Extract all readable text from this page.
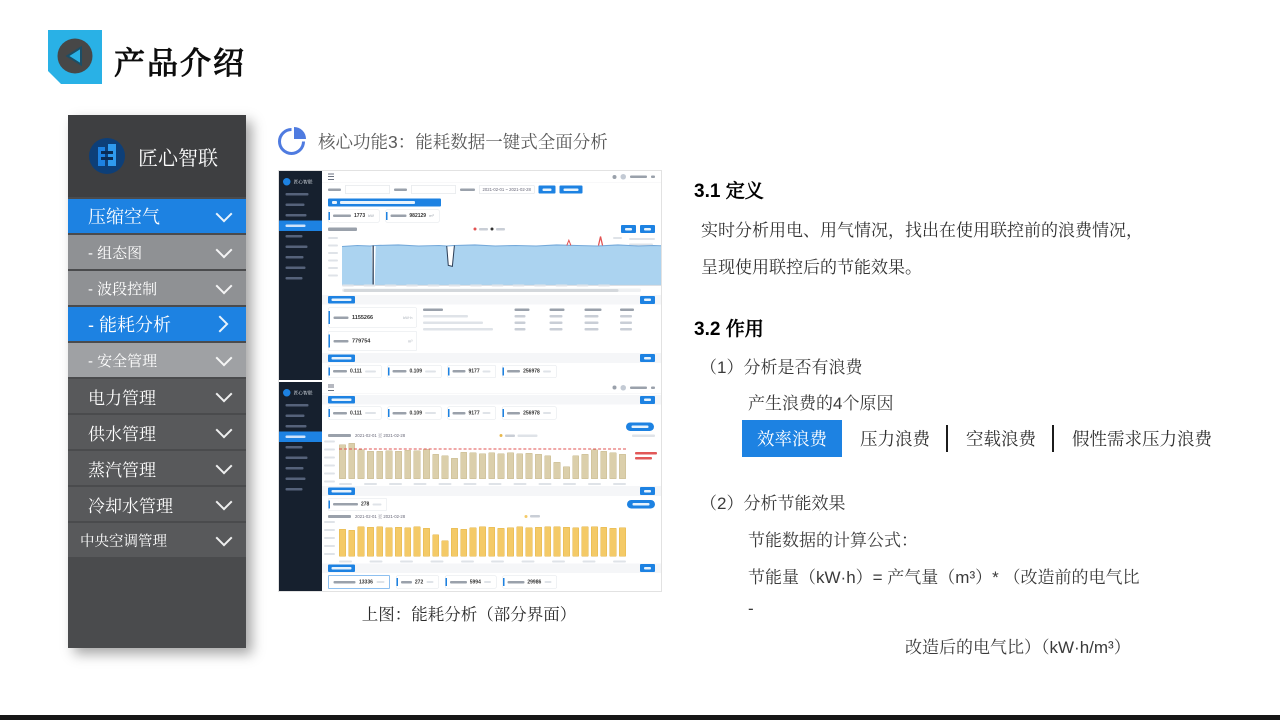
产品介绍
匠心智联
压缩空气
- 组态图
- 波段控制
- 能耗分析
- 安全管理
电力管理
供水管理
蒸汽管理
冷却水管理
中央空调管理
核心功能3：能耗数据一键式全面分析
匠心智联
2021-02-01 ~ 2021-02-28
1773 kW	982129 m³
1155266	kW·h
779754	m³
0.111	0.109	9177	256978
匠心智联
0.111	0.109	9177	256978
2021-02-01 至 2021-02-28
278
2021-02-01 至 2021-02-28
13336	272	5994	29986
上图：能耗分析（部分界面）
3.1 定义
实时分析用电、用气情况，找出在使用联控前的浪费情况，
呈现使用联控后的节能效果。
3.2 作用
（1）分析是否有浪费
产生浪费的4个原因
效率浪费	压力浪费 空载浪费 假性需求压力浪费
（2）分析节能效果
节能数据的计算公式：
节能量（kW·h）= 产气量（m³）* （改造前的电气比
-
改造后的电气比）（kW·h/m³）
